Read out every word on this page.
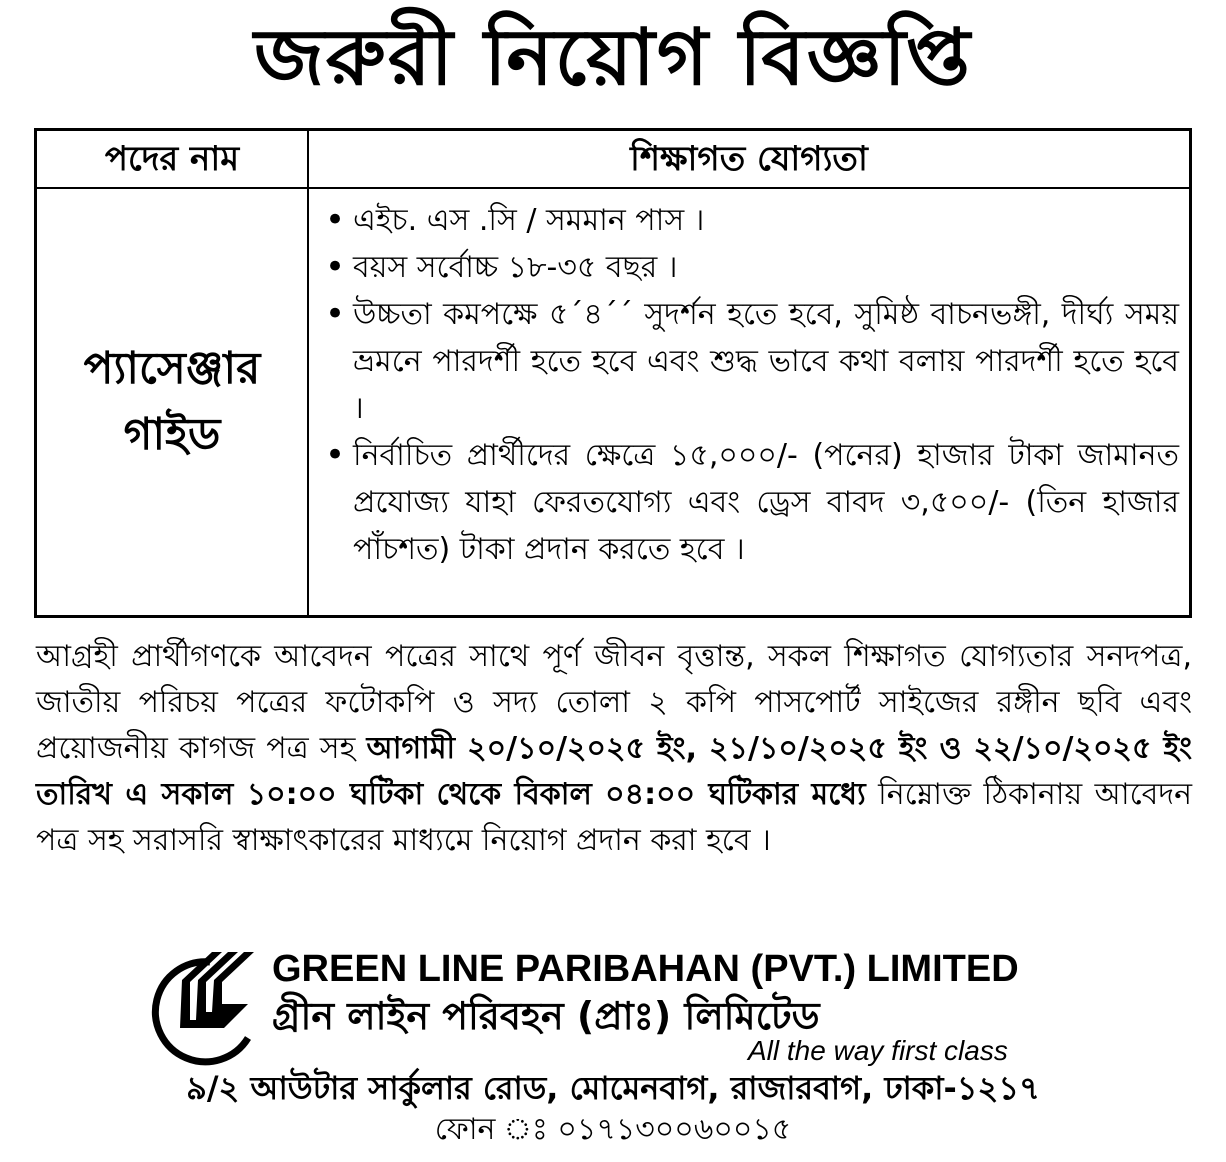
জরুরী নিয়োগ বিজ্ঞপ্তি
পদের নাম	শিক্ষাগত যোগ্যতা
প্যাসেঞ্জার
গাইড
• এইচ. এস .সি / সমমান পাস ।
• বয়স সর্বোচ্চ ১৮-৩৫ বছর ।
• উচ্চতা কমপক্ষে ৫´৪´´ সুদর্শন হতে হবে, সুমিষ্ঠ বাচনভঙ্গী, দীর্ঘ্য সময় ভ্রমনে পারদর্শী হতে হবে এবং শুদ্ধ ভাবে কথা বলায় পারদর্শী হতে হবে ।
• নির্বাচিত প্রার্থীদের ক্ষেত্রে ১৫,০০০/- (পনের) হাজার টাকা জামানত প্রযোজ্য যাহা ফেরতযোগ্য এবং ড্রেস বাবদ ৩,৫০০/- (তিন হাজার পাঁচশত) টাকা প্রদান করতে হবে ।
আগ্রহী প্রার্থীগণকে আবেদন পত্রের সাথে পূর্ণ জীবন বৃত্তান্ত, সকল শিক্ষাগত যোগ্যতার সনদপত্র, জাতীয় পরিচয় পত্রের ফটোকপি ও সদ্য তোলা ২ কপি পাসপোর্ট সাইজের রঙ্গীন ছবি এবং প্রয়োজনীয় কাগজ পত্র সহ আগামী ২০/১০/২০২৫ ইং, ২১/১০/২০২৫ ইং ও ২২/১০/২০২৫ ইং তারিখ এ সকাল ১০:০০ ঘটিকা থেকে বিকাল ০৪:০০ ঘটিকার মধ্যে নিম্নোক্ত ঠিকানায় আবেদন পত্র সহ সরাসরি স্বাক্ষাৎকারের মাধ্যমে নিয়োগ প্রদান করা হবে ।
GREEN LINE PARIBAHAN (PVT.) LIMITED
গ্রীন লাইন পরিবহন (প্রাঃ) লিমিটেড
All the way first class
৯/২ আউটার সার্কুলার রোড, মোমেনবাগ, রাজারবাগ, ঢাকা-১২১৭
ফোন ঃ ০১৭১৩০০৬০০১৫
